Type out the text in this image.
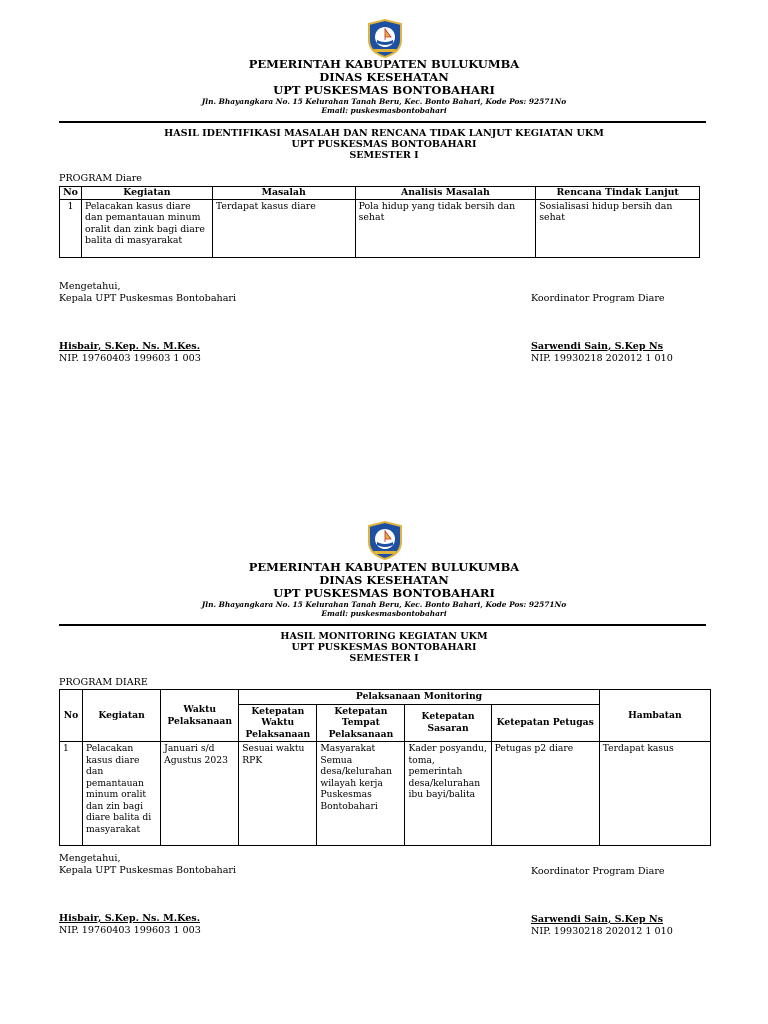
PEMERINTAH KABUPATEN BULUKUMBA
DINAS KESEHATAN
UPT PUSKESMAS BONTOBAHARI
Jln. Bhayangkara No. 15 Kelurahan Tanah Beru, Kec. Bonto Bahari, Kode Pos: 92571No
Email: puskesmasbontobahari
HASIL IDENTIFIKASI MASALAH DAN RENCANA TIDAK LANJUT KEGIATAN UKM
UPT PUSKESMAS BONTOBAHARI
SEMESTER I
PROGRAM Diare
No	Kegiatan	Masalah	Analisis Masalah	Rencana Tindak Lanjut
1	Pelacakan kasus diare dan pemantauan minum oralit dan zink bagi diare balita di masyarakat	Terdapat kasus diare	Pola hidup yang tidak bersih dan sehat	Sosialisasi hidup bersih dan sehat
Mengetahui,
Kepala UPT Puskesmas Bontobahari
Hisbair, S.Kep. Ns. M.Kes.
NIP. 19760403 199603 1 003
Koordinator Program Diare
Sarwendi Sain, S.Kep Ns
NIP. 19930218 202012 1 010
PEMERINTAH KABUPATEN BULUKUMBA
DINAS KESEHATAN
UPT PUSKESMAS BONTOBAHARI
Jln. Bhayangkara No. 15 Kelurahan Tanah Beru, Kec. Bonto Bahari, Kode Pos: 92571No
Email: puskesmasbontobahari
HASIL MONITORING KEGIATAN UKM
UPT PUSKESMAS BONTOBAHARI
SEMESTER I
PROGRAM DIARE
No	Kegiatan	Waktu Pelaksanaan	Pelaksanaan Monitoring				Hambatan
			Ketepatan Waktu Pelaksanaan	Ketepatan Tempat Pelaksanaan	Ketepatan Sasaran	Ketepatan Petugas	
1	Pelacakan kasus diare dan pemantauan minum oralit dan zin bagi diare balita di masyarakat	Januari s/d Agustus 2023	Sesuai waktu RPK	Masyarakat Semua desa/kelurahan wilayah kerja Puskesmas Bontobahari	Kader posyandu, toma, pemerintah desa/kelurahan ibu bayi/balita	Petugas p2 diare	Terdapat kasus
Mengetahui,
Kepala UPT Puskesmas Bontobahari
Hisbair, S.Kep. Ns. M.Kes.
NIP. 19760403 199603 1 003
Koordinator Program Diare
Sarwendi Sain, S.Kep Ns
NIP. 19930218 202012 1 010
